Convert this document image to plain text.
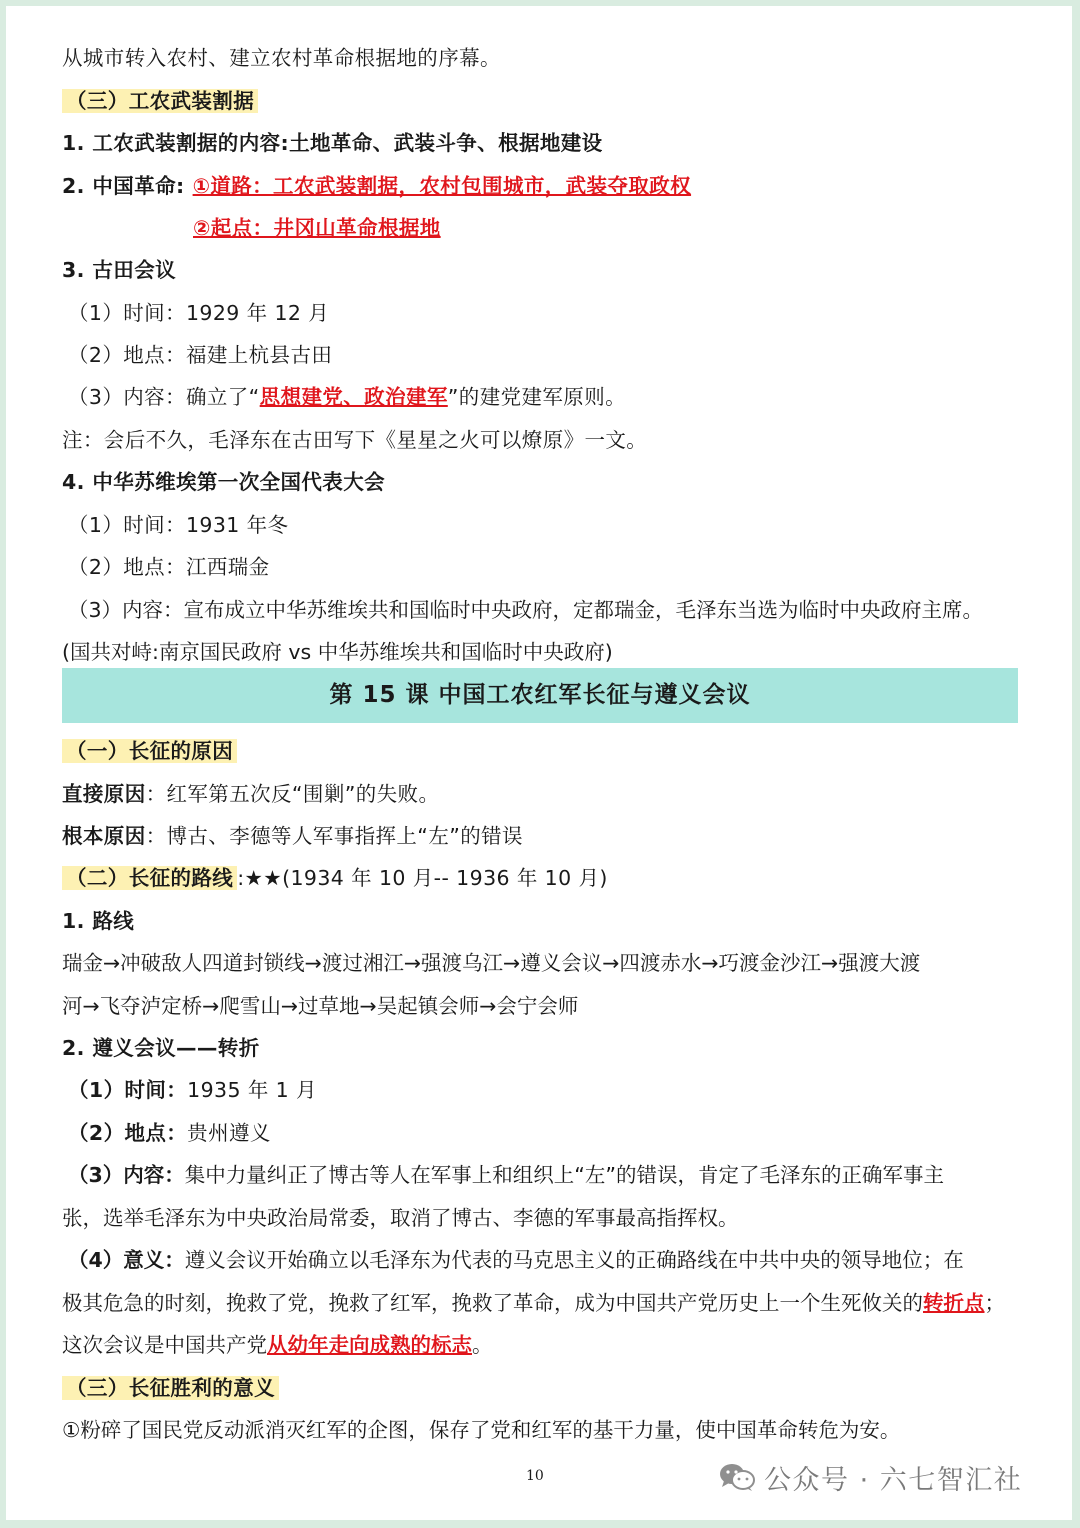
从城市转入农村、建立农村革命根据地的序幕。
（三）工农武装割据
1. 工农武装割据的内容:土地革命、武装斗争、根据地建设
2. 中国革命: ①道路：工农武装割据，农村包围城市，武装夺取政权
②起点：井冈山革命根据地
3. 古田会议
（1）时间：1929 年 12 月
（2）地点：福建上杭县古田
（3）内容：确立了“思想建党、政治建军”的建党建军原则。
注：会后不久，毛泽东在古田写下《星星之火可以燎原》一文。
4. 中华苏维埃第一次全国代表大会
（1）时间：1931 年冬
（2）地点：江西瑞金
（3）内容：宣布成立中华苏维埃共和国临时中央政府，定都瑞金，毛泽东当选为临时中央政府主席。
(国共对峙:南京国民政府 vs 中华苏维埃共和国临时中央政府)
第 15 课 中国工农红军长征与遵义会议
（一）长征的原因
直接原因：红军第五次反“围剿”的失败。
根本原因：博古、李德等人军事指挥上“左”的错误
（二）长征的路线 :★★(1934 年 10 月-- 1936 年 10 月)
1. 路线
瑞金→冲破敌人四道封锁线→渡过湘江→强渡乌江→遵义会议→四渡赤水→巧渡金沙江→强渡大渡
河→飞夺泸定桥→爬雪山→过草地→吴起镇会师→会宁会师
2. 遵义会议——转折
（1）时间：1935 年 1 月
（2）地点：贵州遵义
（3）内容：集中力量纠正了博古等人在军事上和组织上“左”的错误，肯定了毛泽东的正确军事主
张，选举毛泽东为中央政治局常委，取消了博古、李德的军事最高指挥权。
（4）意义：遵义会议开始确立以毛泽东为代表的马克思主义的正确路线在中共中央的领导地位；在
极其危急的时刻，挽救了党，挽救了红军，挽救了革命，成为中国共产党历史上一个生死攸关的转折点；
这次会议是中国共产党从幼年走向成熟的标志。
（三）长征胜利的意义
①粉碎了国民党反动派消灭红军的企图，保存了党和红军的基干力量，使中国革命转危为安。
10	公众号 · 六七智汇社
